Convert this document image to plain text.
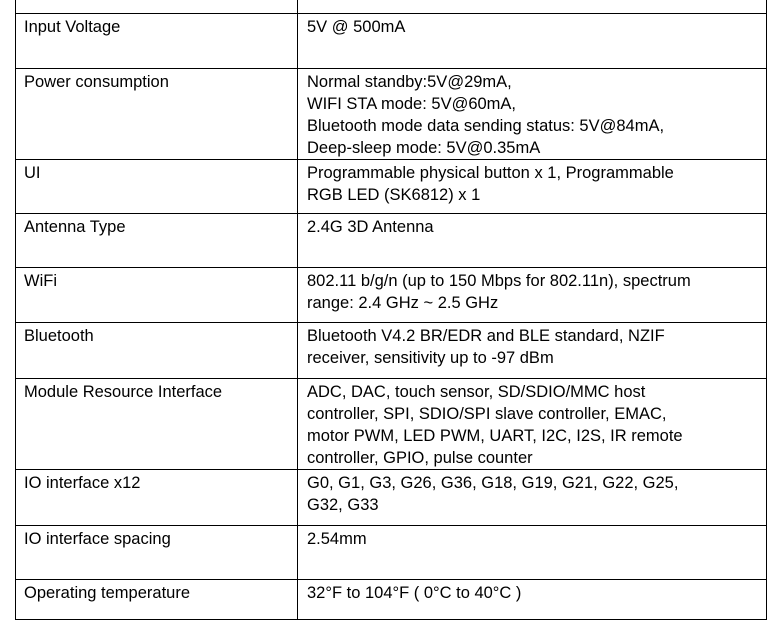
Input Voltage	5V @ 500mA
Power consumption	Normal standby:5V@29mA,
WIFI STA mode: 5V@60mA,
Bluetooth mode data sending status: 5V@84mA,
Deep-sleep mode: 5V@0.35mA
UI	Programmable physical button x 1, Programmable
RGB LED (SK6812) x 1
Antenna Type	2.4G 3D Antenna
WiFi	802.11 b/g/n (up to 150 Mbps for 802.11n), spectrum
range: 2.4 GHz ~ 2.5 GHz
Bluetooth	Bluetooth V4.2 BR/EDR and BLE standard, NZIF
receiver, sensitivity up to -97 dBm
Module Resource Interface	ADC, DAC, touch sensor, SD/SDIO/MMC host
controller, SPI, SDIO/SPI slave controller, EMAC,
motor PWM, LED PWM, UART, I2C, I2S, IR remote
controller, GPIO, pulse counter
IO interface x12	G0, G1, G3, G26, G36, G18, G19, G21, G22, G25,
G32, G33
IO interface spacing	2.54mm
Operating temperature	32°F to 104°F ( 0°C to 40°C )
